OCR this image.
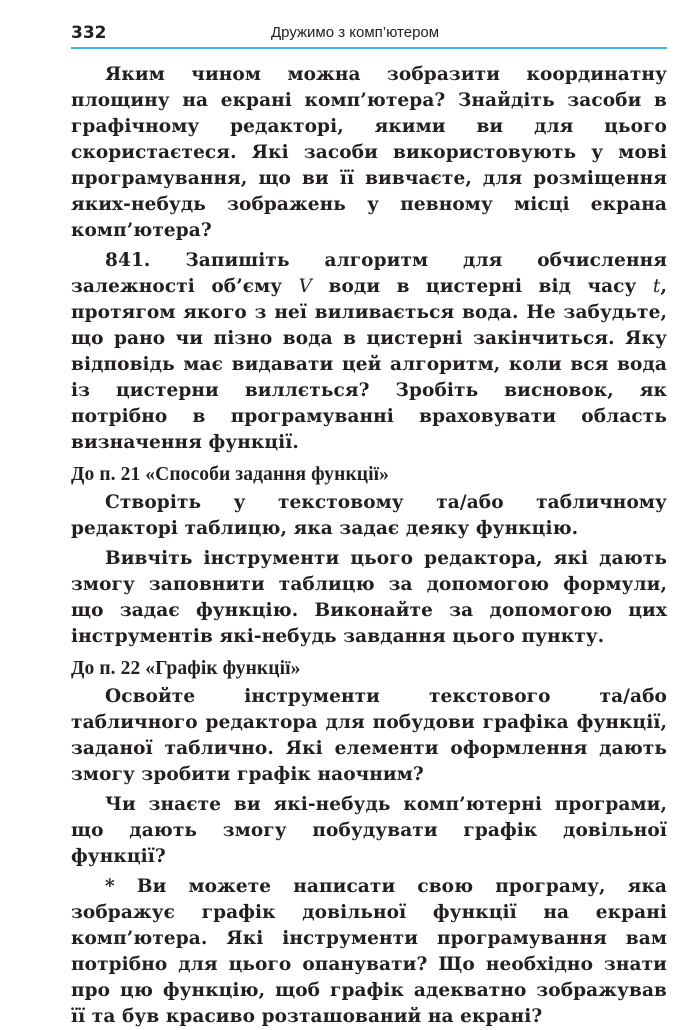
332	Дружимо з комп’ютером

Яким чином можна зобразити координатну площину на екрані комп’ютера? Знайдіть засоби в графічному редакторі, якими ви для цього скористаєтеся. Які засоби використовують у мові програмування, що ви її вивчаєте, для розміщення яких-небудь зображень у певному місці екрана комп’ютера?

841. Запишіть алгоритм для обчислення залежності об’єму V води в цистерні від часу t, протягом якого з неї виливається вода. Не забудьте, що рано чи пізно вода в цистерні закінчиться. Яку відповідь має видавати цей алгоритм, коли вся вода із цистерни виллється? Зробіть висновок, як потрібно в програмуванні враховувати область визначення функції.

До п. 21 «Способи задання функції»

Створіть у текстовому та/або табличному редакторі таблицю, яка задає деяку функцію.

Вивчіть інструменти цього редактора, які дають змогу заповнити таблицю за допомогою формули, що задає функцію. Виконайте за допомогою цих інструментів які-небудь завдання цього пункту.

До п. 22 «Графік функції»

Освойте інструменти текстового та/або табличного редактора для побудови графіка функції, заданої таблично. Які елементи оформлення дають змогу зробити графік наочним?

Чи знаєте ви які-небудь комп’ютерні програми, що дають змогу побудувати графік довільної функції?

* Ви можете написати свою програму, яка зображує графік довільної функції на екрані комп’ютера. Які інструменти програмування вам потрібно для цього опанувати? Що необхідно знати про цю функцію, щоб графік адекватно зображував її та був красиво розташований на екрані?
